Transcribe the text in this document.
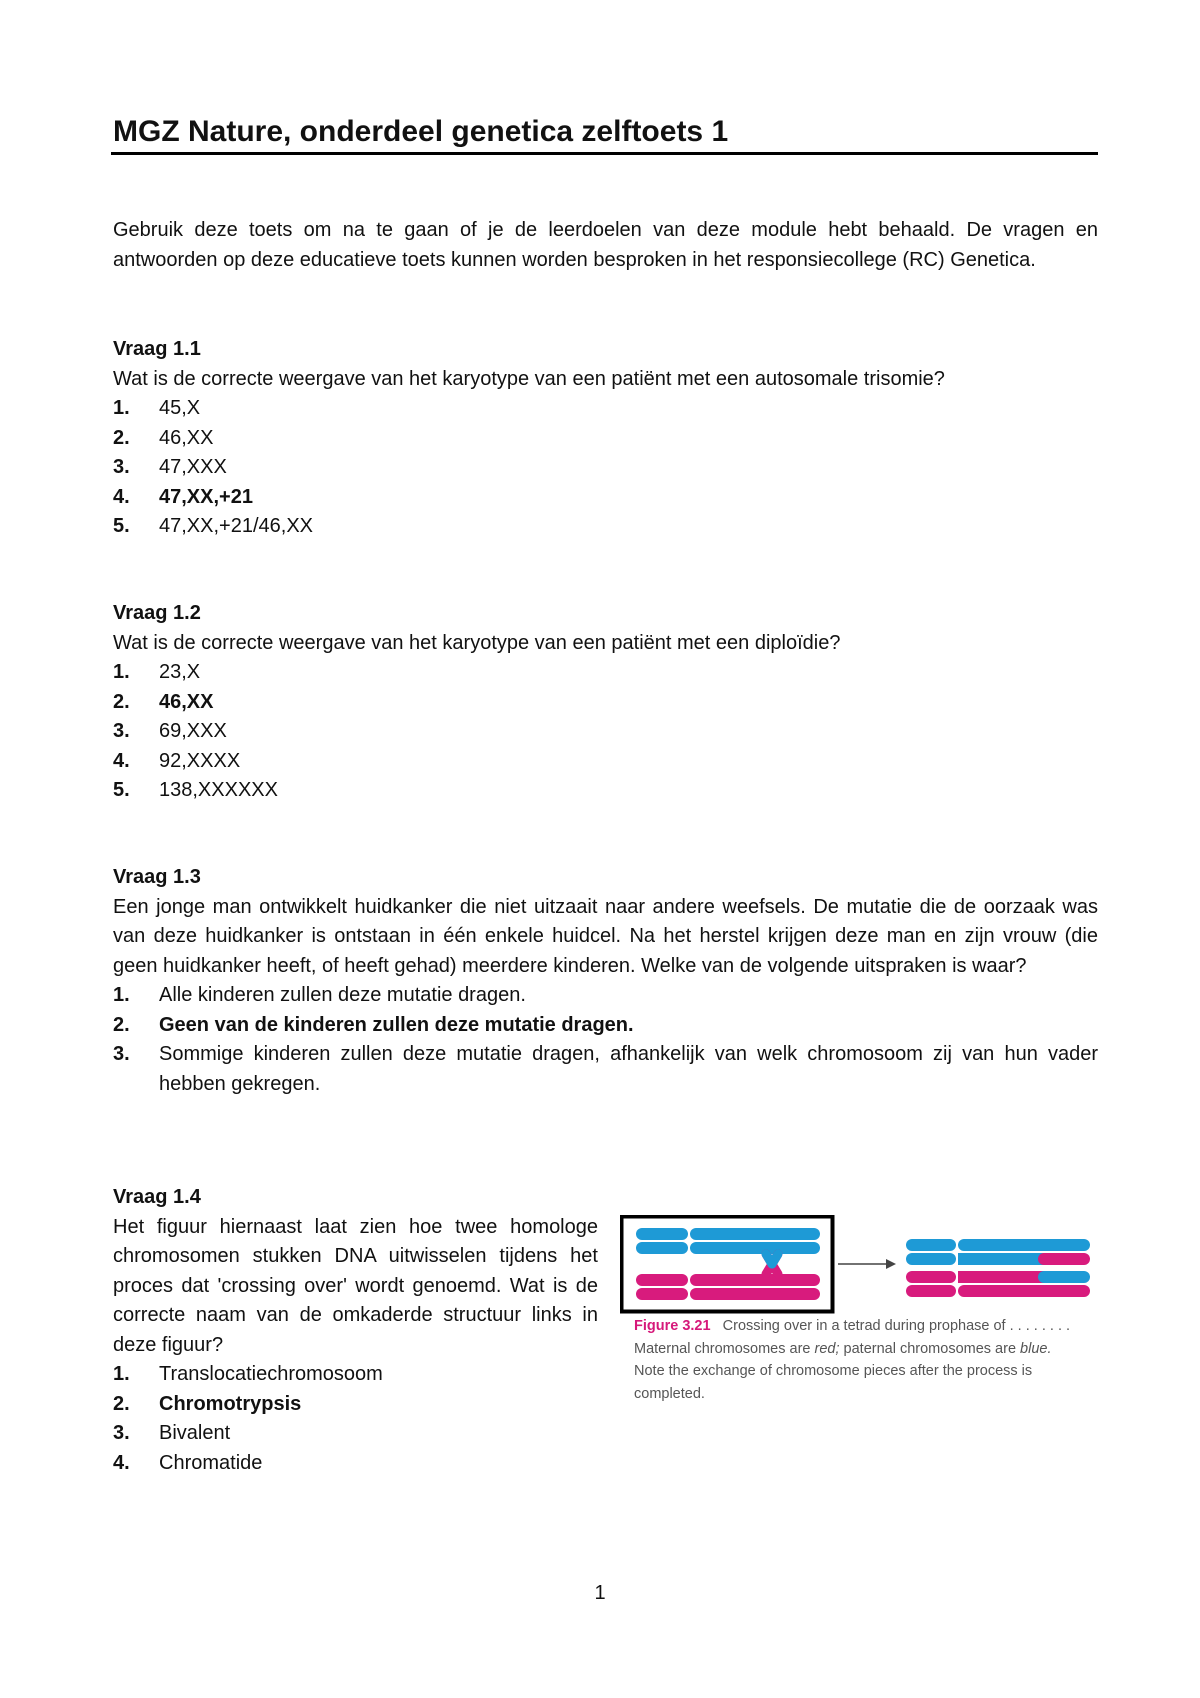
MGZ Nature, onderdeel genetica zelftoets 1

Gebruik deze toets om na te gaan of je de leerdoelen van deze module hebt behaald. De vragen en antwoorden op deze educatieve toets kunnen worden besproken in het responsiecollege (RC) Genetica.

Vraag 1.1

Wat is de correcte weergave van het karyotype van een patiënt met een autosomale trisomie?

1. 45,X
2. 46,XX
3. 47,XXX
4. 47,XX,+21
5. 47,XX,+21/46,XX

Vraag 1.2

Wat is de correcte weergave van het karyotype van een patiënt met een diploïdie?

1. 23,X
2. 46,XX
3. 69,XXX
4. 92,XXXX
5. 138,XXXXXX

Vraag 1.3

Een jonge man ontwikkelt huidkanker die niet uitzaait naar andere weefsels. De mutatie die de oorzaak was van deze huidkanker is ontstaan in één enkele huidcel. Na het herstel krijgen deze man en zijn vrouw (die geen huidkanker heeft, of heeft gehad) meerdere kinderen. Welke van de volgende uitspraken is waar?

1. Alle kinderen zullen deze mutatie dragen.
2. Geen van de kinderen zullen deze mutatie dragen.
3. Sommige kinderen zullen deze mutatie dragen, afhankelijk van welk chromosoom zij van hun vader hebben gekregen.

Vraag 1.4

Het figuur hiernaast laat zien hoe twee homologe chromosomen stukken DNA uitwisselen tijdens het proces dat 'crossing over' wordt genoemd. Wat is de correcte naam van de omkaderde structuur links in deze figuur?

1. Translocatiechromosoom
2. Chromotrypsis
3. Bivalent
4. Chromatide

Figure 3.21 Crossing over in a tetrad during prophase of . . . . . . . . Maternal chromosomes are red; paternal chromosomes are blue. Note the exchange of chromosome pieces after the process is completed.

1
